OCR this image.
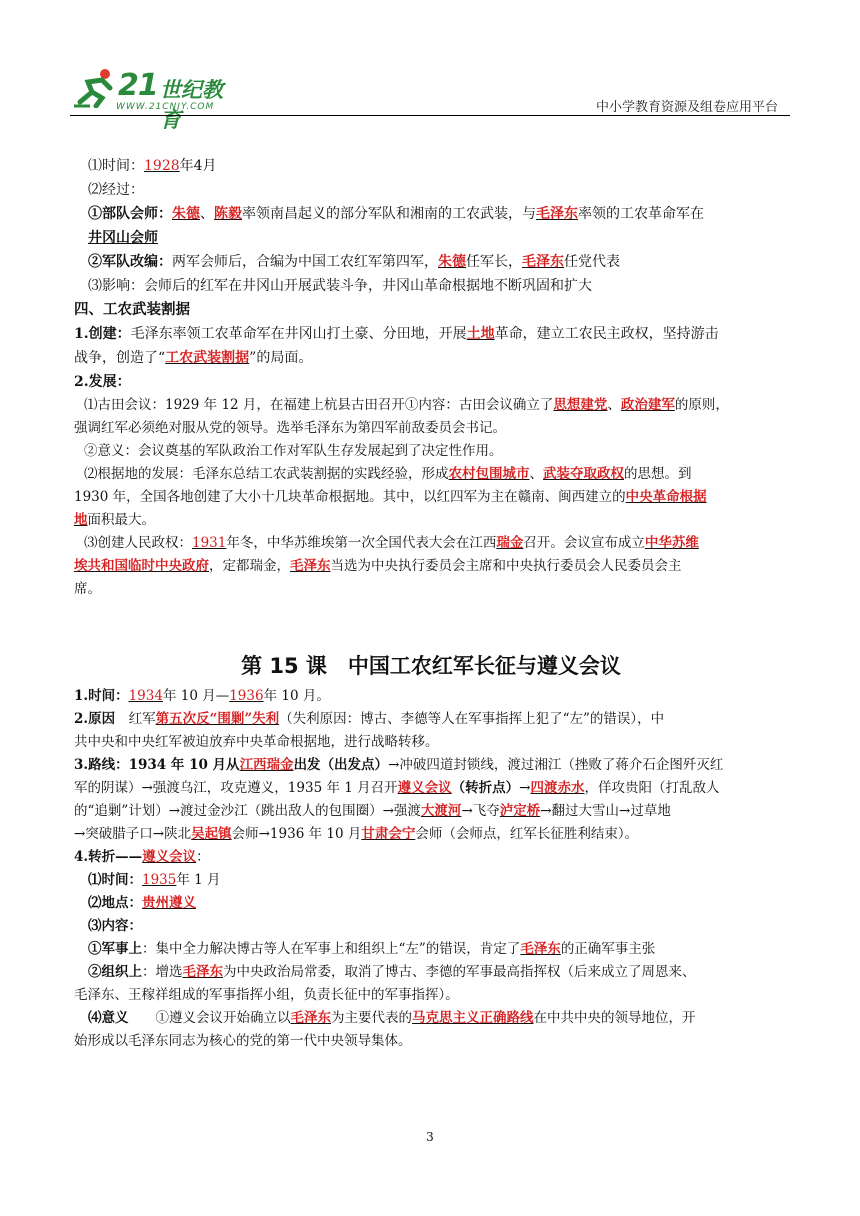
21 世纪教育
WWW.21CNJY.COM	中小学教育资源及组卷应用平台
⑴时间：1928年4月
⑵经过：
①部队会师：朱德、陈毅率领南昌起义的部分军队和湘南的工农武装，与毛泽东率领的工农革命军在
井冈山会师
②军队改编：两军会师后，合编为中国工农红军第四军，朱德任军长，毛泽东任党代表
⑶影响：会师后的红军在井冈山开展武装斗争，井冈山革命根据地不断巩固和扩大
四、工农武装割据
1.创建：毛泽东率领工农革命军在井冈山打土豪、分田地，开展土地革命，建立工农民主政权，坚持游击
战争，创造了“工农武装割据”的局面。
2.发展：
⑴古田会议：1929 年 12 月，在福建上杭县古田召开①内容：古田会议确立了思想建党、政治建军的原则，
强调红军必须绝对服从党的领导。选举毛泽东为第四军前敌委员会书记。
②意义：会议奠基的军队政治工作对军队生存发展起到了决定性作用。
⑵根据地的发展：毛泽东总结工农武装割据的实践经验，形成农村包围城市、武装夺取政权的思想。到
1930 年，全国各地创建了大小十几块革命根据地。其中，以红四军为主在赣南、闽西建立的中央革命根据
地面积最大。
⑶创建人民政权：1931年冬，中华苏维埃第一次全国代表大会在江西瑞金召开。会议宣布成立中华苏维
埃共和国临时中央政府，定都瑞金，毛泽东当选为中央执行委员会主席和中央执行委员会人民委员会主
席。
第 15 课　中国工农红军长征与遵义会议
1.时间：1934年 10 月—1936年 10 月。
2.原因　红军第五次反“围剿”失利（失利原因：博古、李德等人在军事指挥上犯了“左”的错误），中
共中央和中央红军被迫放弃中央革命根据地，进行战略转移。
3.路线：1934 年 10 月从江西瑞金出发（出发点）→冲破四道封锁线，渡过湘江（挫败了蒋介石企图歼灭红
军的阴谋）→强渡乌江，攻克遵义，1935 年 1 月召开遵义会议（转折点）→四渡赤水，佯攻贵阳（打乱敌人
的“追剿”计划）→渡过金沙江（跳出敌人的包围圈）→强渡大渡河→飞夺泸定桥→翻过大雪山→过草地
→突破腊子口→陕北吴起镇会师→1936 年 10 月甘肃会宁会师（会师点，红军长征胜利结束）。
4.转折——遵义会议：
⑴时间：1935年 1 月
⑵地点：贵州遵义
⑶内容：
①军事上：集中全力解决博古等人在军事上和组织上“左”的错误，肯定了毛泽东的正确军事主张
②组织上：增选毛泽东为中央政治局常委，取消了博古、李德的军事最高指挥权（后来成立了周恩来、
毛泽东、王稼祥组成的军事指挥小组，负责长征中的军事指挥）。
⑷意义　　①遵义会议开始确立以毛泽东为主要代表的马克思主义正确路线在中共中央的领导地位，开
始形成以毛泽东同志为核心的党的第一代中央领导集体。
3
